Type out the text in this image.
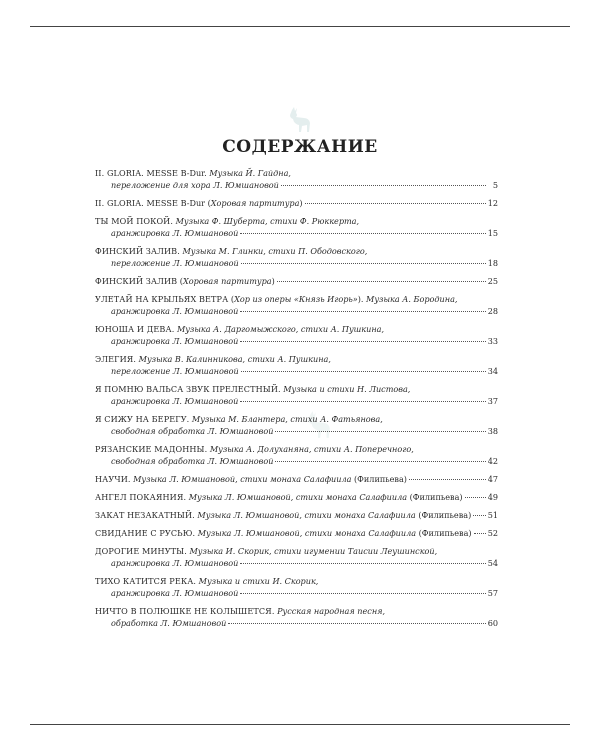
СОДЕРЖАНИЕ
II. GLORIA. MESSE B-Dur. Музыка Й. Гайдна,
переложение для хора Л. Юмшановой	5
II. GLORIA. MESSE B-Dur (Хоровая партитура)	12
ТЫ МОЙ ПОКОЙ. Музыка Ф. Шуберта, стихи Ф. Рюккерта,
аранжировка Л. Юмшановой	15
ФИНСКИЙ ЗАЛИВ. Музыка М. Глинки, стихи П. Ободовского,
переложение Л. Юмшановой	18
ФИНСКИЙ ЗАЛИВ (Хоровая партитура)	25
УЛЕТАЙ НА КРЫЛЬЯХ ВЕТРА (Хор из оперы «Князь Игорь»). Музыка А. Бородина,
аранжировка Л. Юмшановой	28
ЮНОША И ДЕВА. Музыка А. Даргомыжского, стихи А. Пушкина,
аранжировка Л. Юмшановой	33
ЭЛЕГИЯ. Музыка В. Калинникова, стихи А. Пушкина,
переложение Л. Юмшановой	34
Я ПОМНЮ ВАЛЬСА ЗВУК ПРЕЛЕСТНЫЙ. Музыка и стихи Н. Листова,
аранжировка Л. Юмшановой	37
Я СИЖУ НА БЕРЕГУ. Музыка М. Блантера, стихи А. Фатьянова,
свободная обработка Л. Юмшановой	38
РЯЗАНСКИЕ МАДОННЫ. Музыка А. Долуханяна, стихи А. Поперечного,
свободная обработка Л. Юмшановой	42
НАУЧИ. Музыка Л. Юмшановой, стихи монаха Салафиила (Филипьева)	47
АНГЕЛ ПОКАЯНИЯ. Музыка Л. Юмшановой, стихи монаха Салафиила (Филипьева)	49
ЗАКАТ НЕЗАКАТНЫЙ. Музыка Л. Юмшановой, стихи монаха Салафиила (Филипьева) 51
СВИДАНИЕ С РУСЬЮ. Музыка Л. Юмшановой, стихи монаха Салафиила (Филипьева) 52
ДОРОГИЕ МИНУТЫ. Музыка И. Скорик, стихи игумении Таисии Леушинской,
аранжировка Л. Юмшановой	54
ТИХО КАТИТСЯ РЕКА. Музыка и стихи И. Скорик,
аранжировка Л. Юмшановой	57
НИЧТО В ПОЛЮШКЕ НЕ КОЛЫШЕТСЯ. Русская народная песня,
обработка Л. Юмшановой	60
